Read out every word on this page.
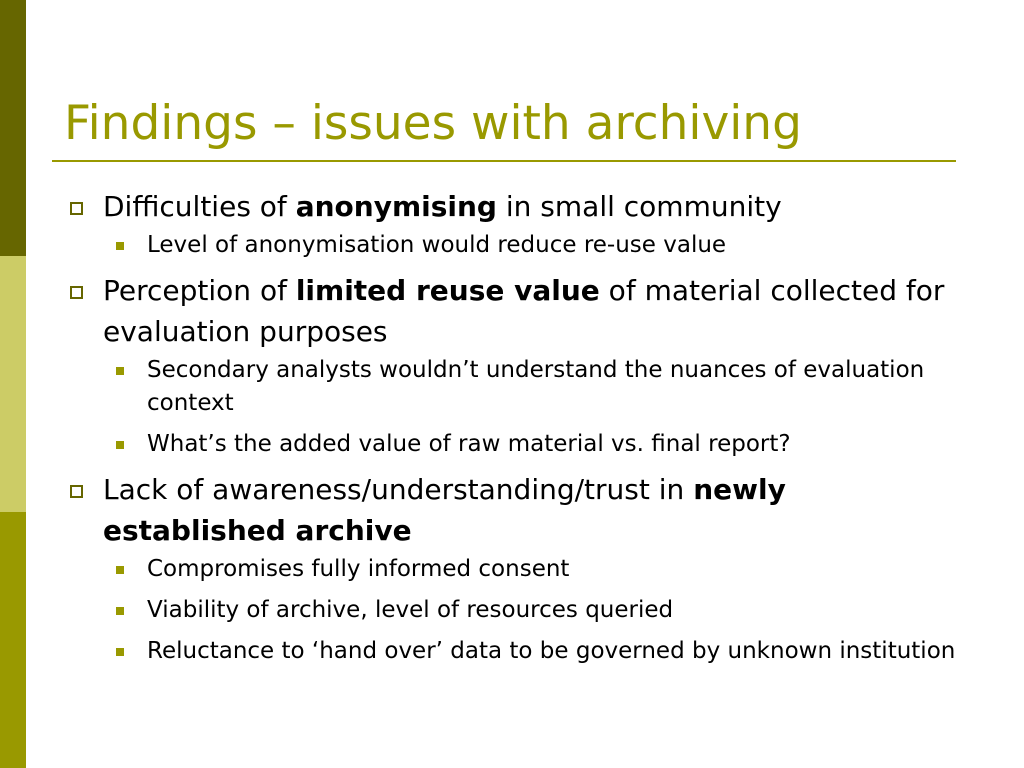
Findings – issues with archiving

Difficulties of anonymising in small community

Level of anonymisation would reduce re-use value

Perception of limited reuse value of material collected for evaluation purposes

Secondary analysts wouldn’t understand the nuances of evaluation context

What’s the added value of raw material vs. final report?

Lack of awareness/understanding/trust in newly established archive

Compromises fully informed consent

Viability of archive, level of resources queried

Reluctance to ‘hand over’ data to be governed by unknown institution
